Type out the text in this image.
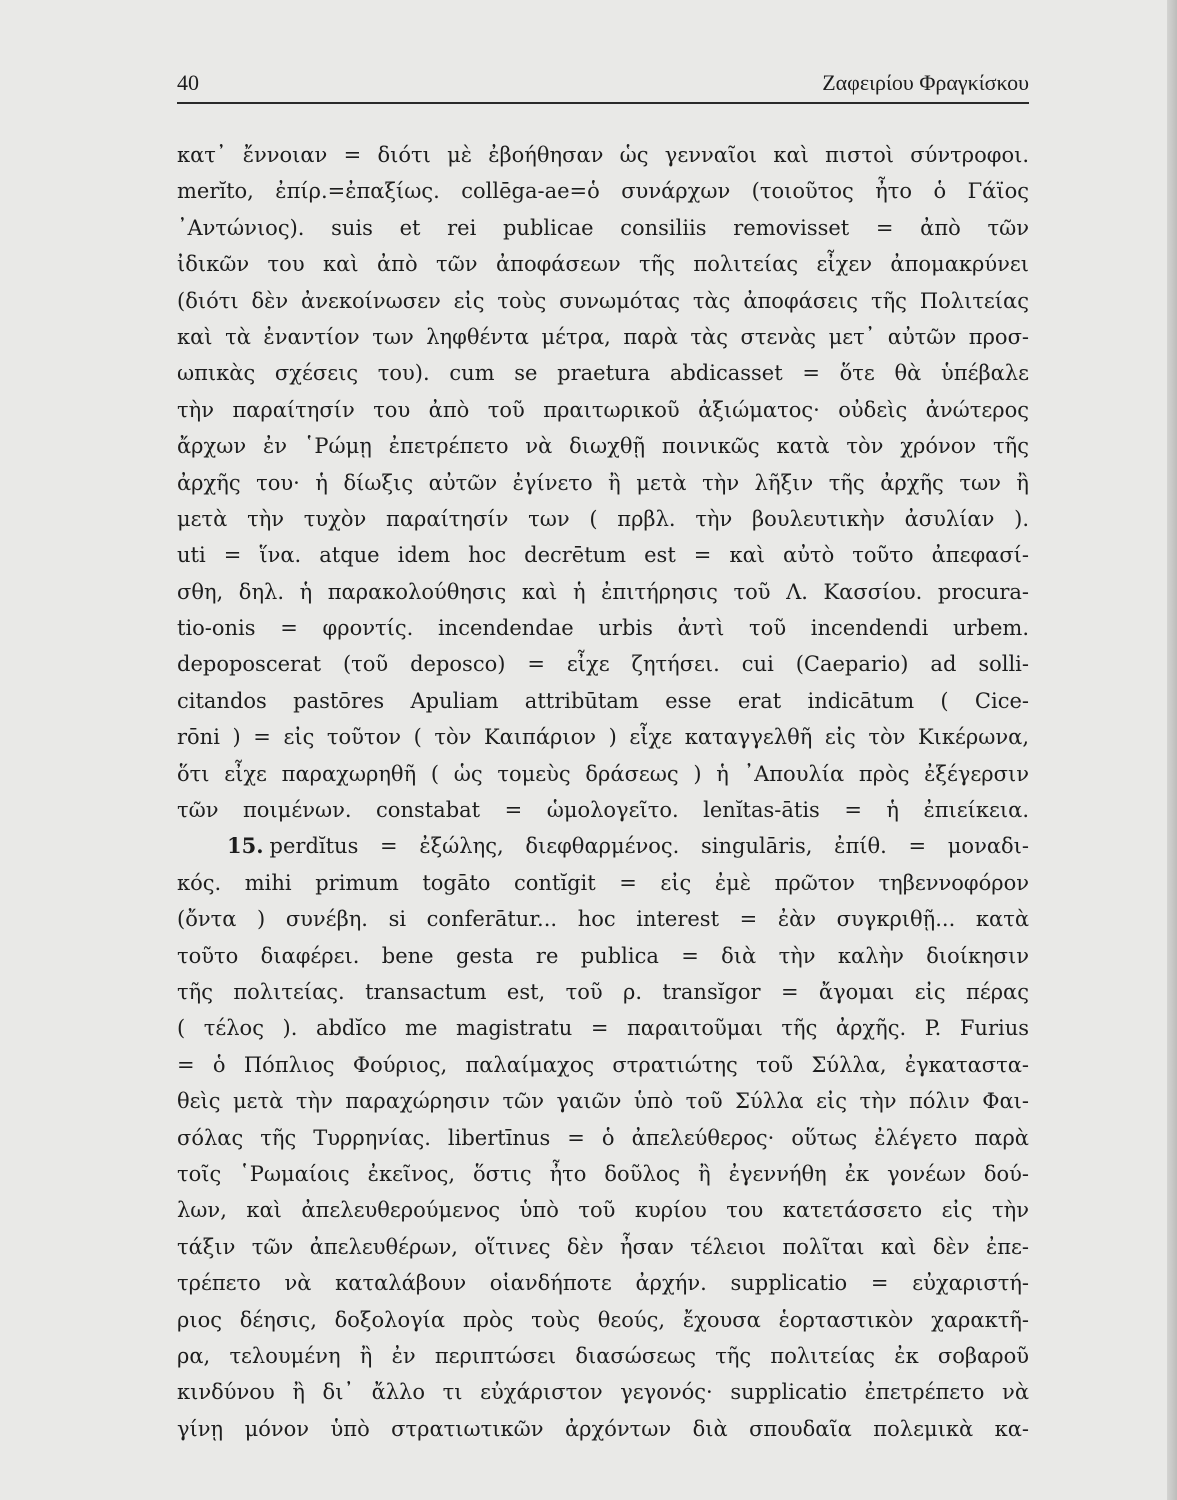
40	Ζαφειρίου Φραγκίσκου
κατ᾽ ἔννοιαν = διότι μὲ ἐβοήθησαν ὡς γενναῖοι καὶ πιστοὶ σύντροφοι.
merĭto, ἐπίρ.=ἐπαξίως. collēga-ae=ὁ συνάρχων (τοιοῦτος ἦτο ὁ Γάϊος
᾽Αντώνιος). suis et rei publicae consiliis removisset = ἀπὸ τῶν
ἰδικῶν του καὶ ἀπὸ τῶν ἀποφάσεων τῆς πολιτείας εἶχεν ἀπομακρύνει
(διότι δὲν ἀνεκοίνωσεν εἰς τοὺς συνωμότας τὰς ἀποφάσεις τῆς Πολιτείας
καὶ τὰ ἐναντίον των ληφθέντα μέτρα, παρὰ τὰς στενὰς μετ᾽ αὐτῶν προσ-
ωπικὰς σχέσεις του). cum se praetura abdicasset = ὅτε θὰ ὑπέβαλε
τὴν παραίτησίν του ἀπὸ τοῦ πραιτωρικοῦ ἀξιώματος· οὐδεὶς ἀνώτερος
ἄρχων ἐν ῾Ρώμῃ ἐπετρέπετο νὰ διωχθῇ ποινικῶς κατὰ τὸν χρόνον τῆς
ἀρχῆς του· ἡ δίωξις αὐτῶν ἐγίνετο ἢ μετὰ τὴν λῆξιν τῆς ἀρχῆς των ἢ
μετὰ τὴν τυχὸν παραίτησίν των ( πρβλ. τὴν βουλευτικὴν ἀσυλίαν ).
uti = ἵνα. atque idem hoc decrētum est = καὶ αὐτὸ τοῦτο ἀπεφασί-
σθη, δηλ. ἡ παρακολούθησις καὶ ἡ ἐπιτήρησις τοῦ Λ. Κασσίου. procura-
tio-onis = φροντίς. incendendae urbis ἀντὶ τοῦ incendendi urbem.
depoposcerat (τοῦ deposco) = εἶχε ζητήσει. cui (Caepario) ad solli-
citandos pastōres Apuliam attribūtam esse erat indicātum ( Cice-
rōni ) = εἰς τοῦτον ( τὸν Καιπάριον ) εἶχε καταγγελθῆ εἰς τὸν Κικέρωνα,
ὅτι εἶχε παραχωρηθῆ ( ὡς τομεὺς δράσεως ) ἡ ᾽Απουλία πρὸς ἐξέγερσιν
τῶν ποιμένων. constabat = ὡμολογεῖτο. lenĭtas-ātis = ἡ ἐπιείκεια.
15. perdĭtus = ἐξώλης, διεφθαρμένος. singulāris, ἐπίθ. = μοναδι-
κός. mihi primum togāto contĭgit = εἰς ἐμὲ πρῶτον τηβεννοφόρον
(ὄντα ) συνέβη. si conferātur... hoc interest = ἐὰν συγκριθῇ... κατὰ
τοῦτο διαφέρει. bene gesta re publica = διὰ τὴν καλὴν διοίκησιν
τῆς πολιτείας. transactum est, τοῦ ρ. transĭgor = ἄγομαι εἰς πέρας
( τέλος ). abdĭco me magistratu = παραιτοῦμαι τῆς ἀρχῆς. P. Furius
= ὁ Πόπλιος Φούριος, παλαίμαχος στρατιώτης τοῦ Σύλλα, ἐγκαταστα-
θεὶς μετὰ τὴν παραχώρησιν τῶν γαιῶν ὑπὸ τοῦ Σύλλα εἰς τὴν πόλιν Φαι-
σόλας τῆς Τυρρηνίας. libertīnus = ὁ ἀπελεύθερος· οὕτως ἐλέγετο παρὰ
τοῖς ῾Ρωμαίοις ἐκεῖνος, ὅστις ἦτο δοῦλος ἢ ἐγεννήθη ἐκ γονέων δού-
λων, καὶ ἀπελευθερούμενος ὑπὸ τοῦ κυρίου του κατετάσσετο εἰς τὴν
τάξιν τῶν ἀπελευθέρων, οἵτινες δὲν ἦσαν τέλειοι πολῖται καὶ δὲν ἐπε-
τρέπετο νὰ καταλάβουν οἱανδήποτε ἀρχήν. supplicatio = εὐχαριστή-
ριος δέησις, δοξολογία πρὸς τοὺς θεούς, ἔχουσα ἑορταστικὸν χαρακτῆ-
ρα, τελουμένη ἢ ἐν περιπτώσει διασώσεως τῆς πολιτείας ἐκ σοβαροῦ
κινδύνου ἢ δι᾽ ἄλλο τι εὐχάριστον γεγονός· supplicatio ἐπετρέπετο νὰ
γίνῃ μόνον ὑπὸ στρατιωτικῶν ἀρχόντων διὰ σπουδαῖα πολεμικὰ κα-
